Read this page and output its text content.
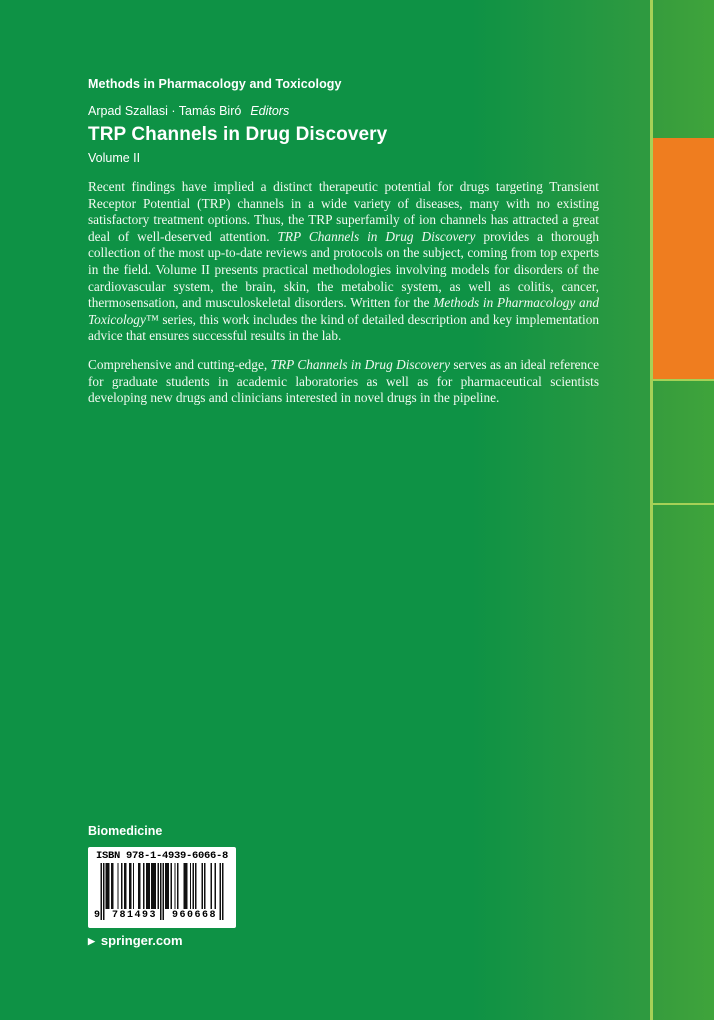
Methods in Pharmacology and Toxicology
Arpad Szallasi · Tamás Biró Editors
TRP Channels in Drug Discovery
Volume II

Recent findings have implied a distinct therapeutic potential for drugs targeting Transient Receptor Potential (TRP) channels in a wide variety of diseases, many with no existing satisfactory treatment options. Thus, the TRP superfamily of ion channels has attracted a great deal of well-deserved attention. TRP Channels in Drug Discovery provides a thorough collection of the most up-to-date reviews and protocols on the subject, coming from top experts in the field. Volume II presents practical methodologies involving models for disorders of the cardiovascular system, the brain, skin, the metabolic system, as well as colitis, cancer, thermosensation, and musculoskeletal disorders. Written for the Methods in Pharmacology and Toxicology™ series, this work includes the kind of detailed description and key implementation advice that ensures successful results in the lab.

Comprehensive and cutting-edge, TRP Channels in Drug Discovery serves as an ideal reference for graduate students in academic laboratories as well as for pharmaceutical scientists developing new drugs and clinicians interested in novel drugs in the pipeline.

Biomedicine
ISBN 978-1-4939-6066-8
9	781493	960668
▶ springer.com
